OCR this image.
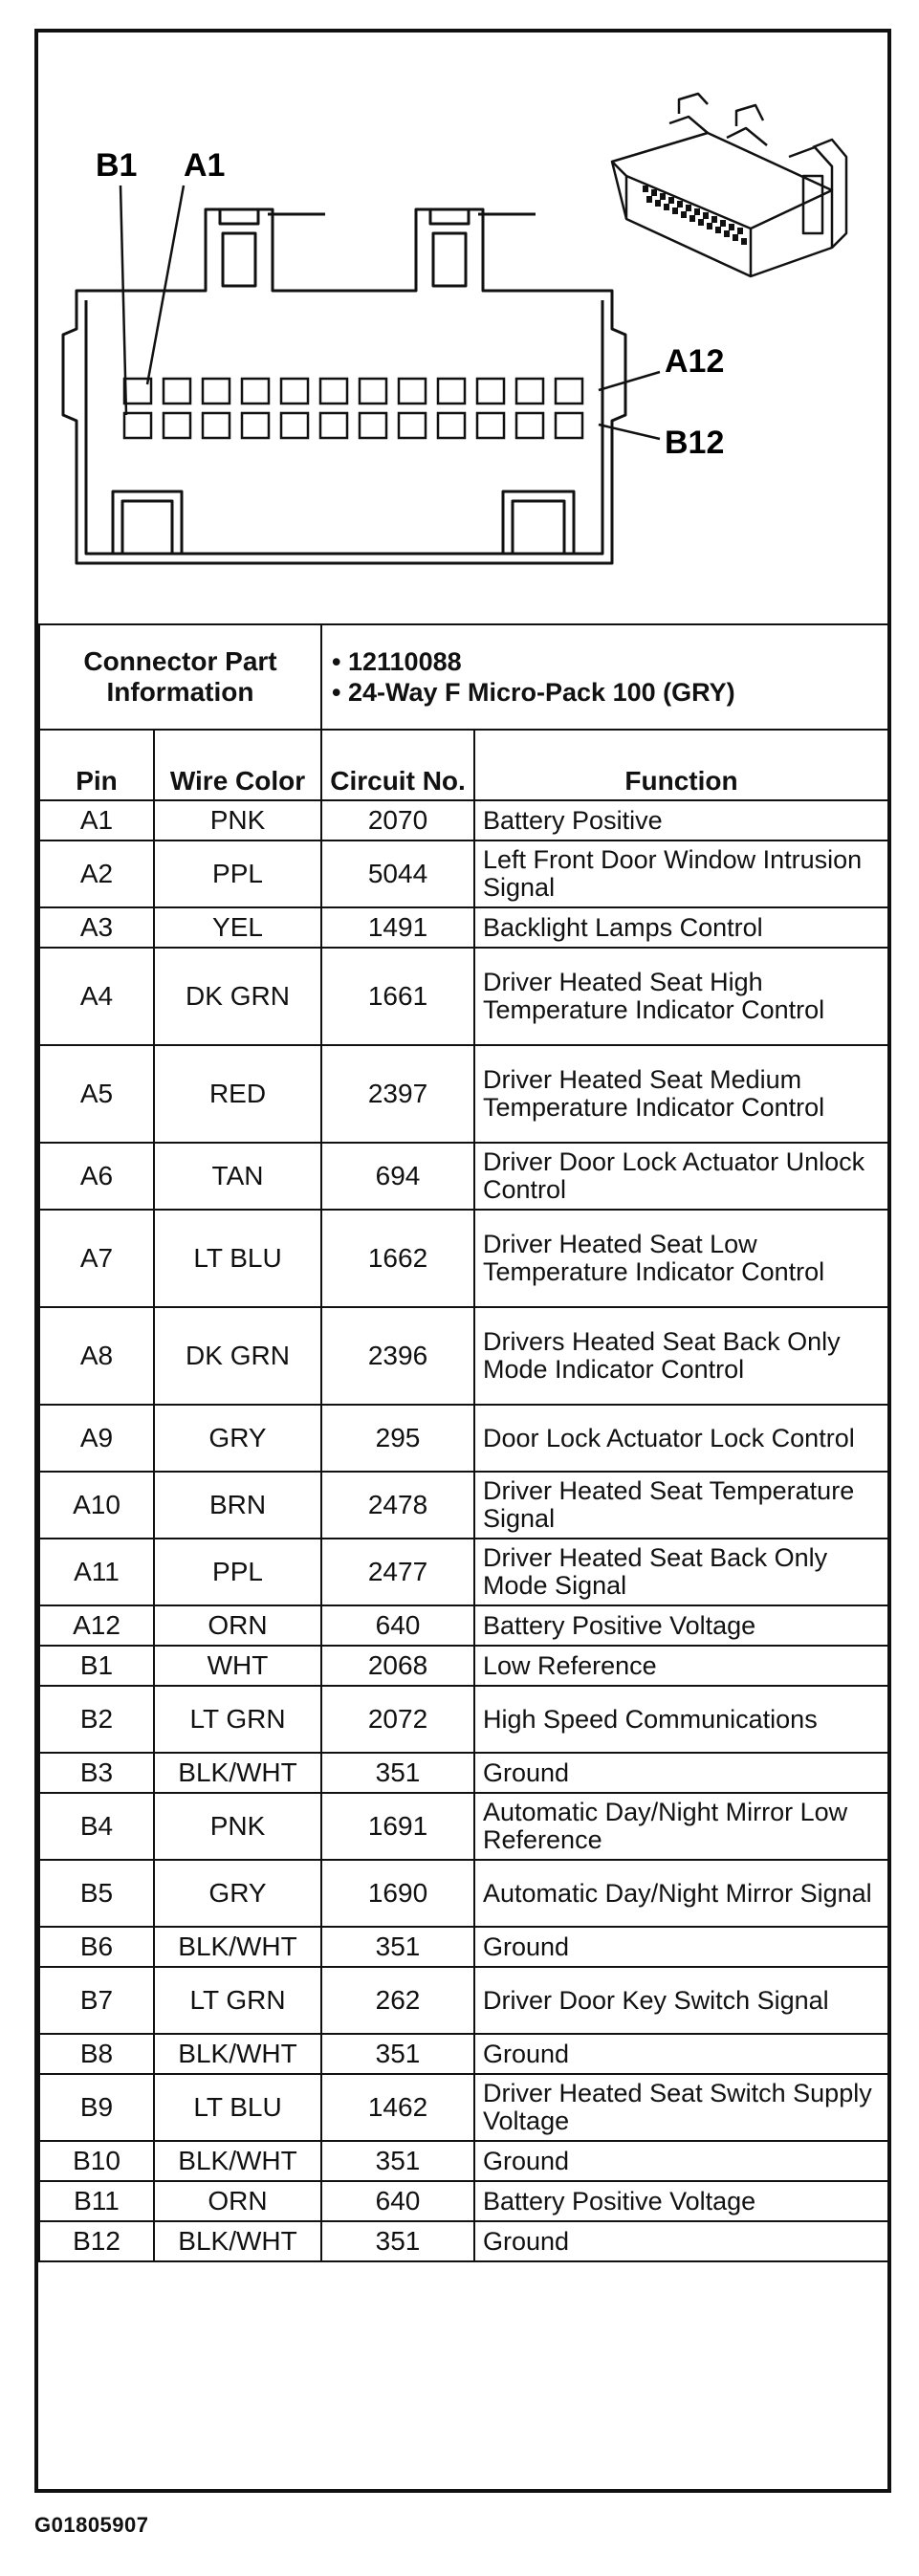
B1 A1
A12
B12
Connector Part Information		• 12110088
• 24-Way F Micro-Pack 100 (GRY)	

Pin	Wire Color	Circuit No.	Function
A1	PNK	2070	Battery Positive
A2	PPL	5044	Left Front Door Window Intrusion Signal
A3	YEL	1491	Backlight Lamps Control
A4	DK GRN	1661	Driver Heated Seat High Temperature Indicator Control
A5	RED	2397	Driver Heated Seat Medium Temperature Indicator Control
A6	TAN	694	Driver Door Lock Actuator Unlock Control
A7	LT BLU	1662	Driver Heated Seat Low Temperature Indicator Control
A8	DK GRN	2396	Drivers Heated Seat Back Only Mode Indicator Control
A9	GRY	295	Door Lock Actuator Lock Control
A10	BRN	2478	Driver Heated Seat Temperature Signal
A11	PPL	2477	Driver Heated Seat Back Only Mode Signal
A12	ORN	640	Battery Positive Voltage
B1	WHT	2068	Low Reference
B2	LT GRN	2072	High Speed Communications
B3	BLK/WHT	351	Ground
B4	PNK	1691	Automatic Day/Night Mirror Low Reference
B5	GRY	1690	Automatic Day/Night Mirror Signal
B6	BLK/WHT	351	Ground
B7	LT GRN	262	Driver Door Key Switch Signal
B8	BLK/WHT	351	Ground
B9	LT BLU	1462	Driver Heated Seat Switch Supply Voltage
B10	BLK/WHT	351	Ground
B11	ORN	640	Battery Positive Voltage
B12	BLK/WHT	351	Ground
G01805907
